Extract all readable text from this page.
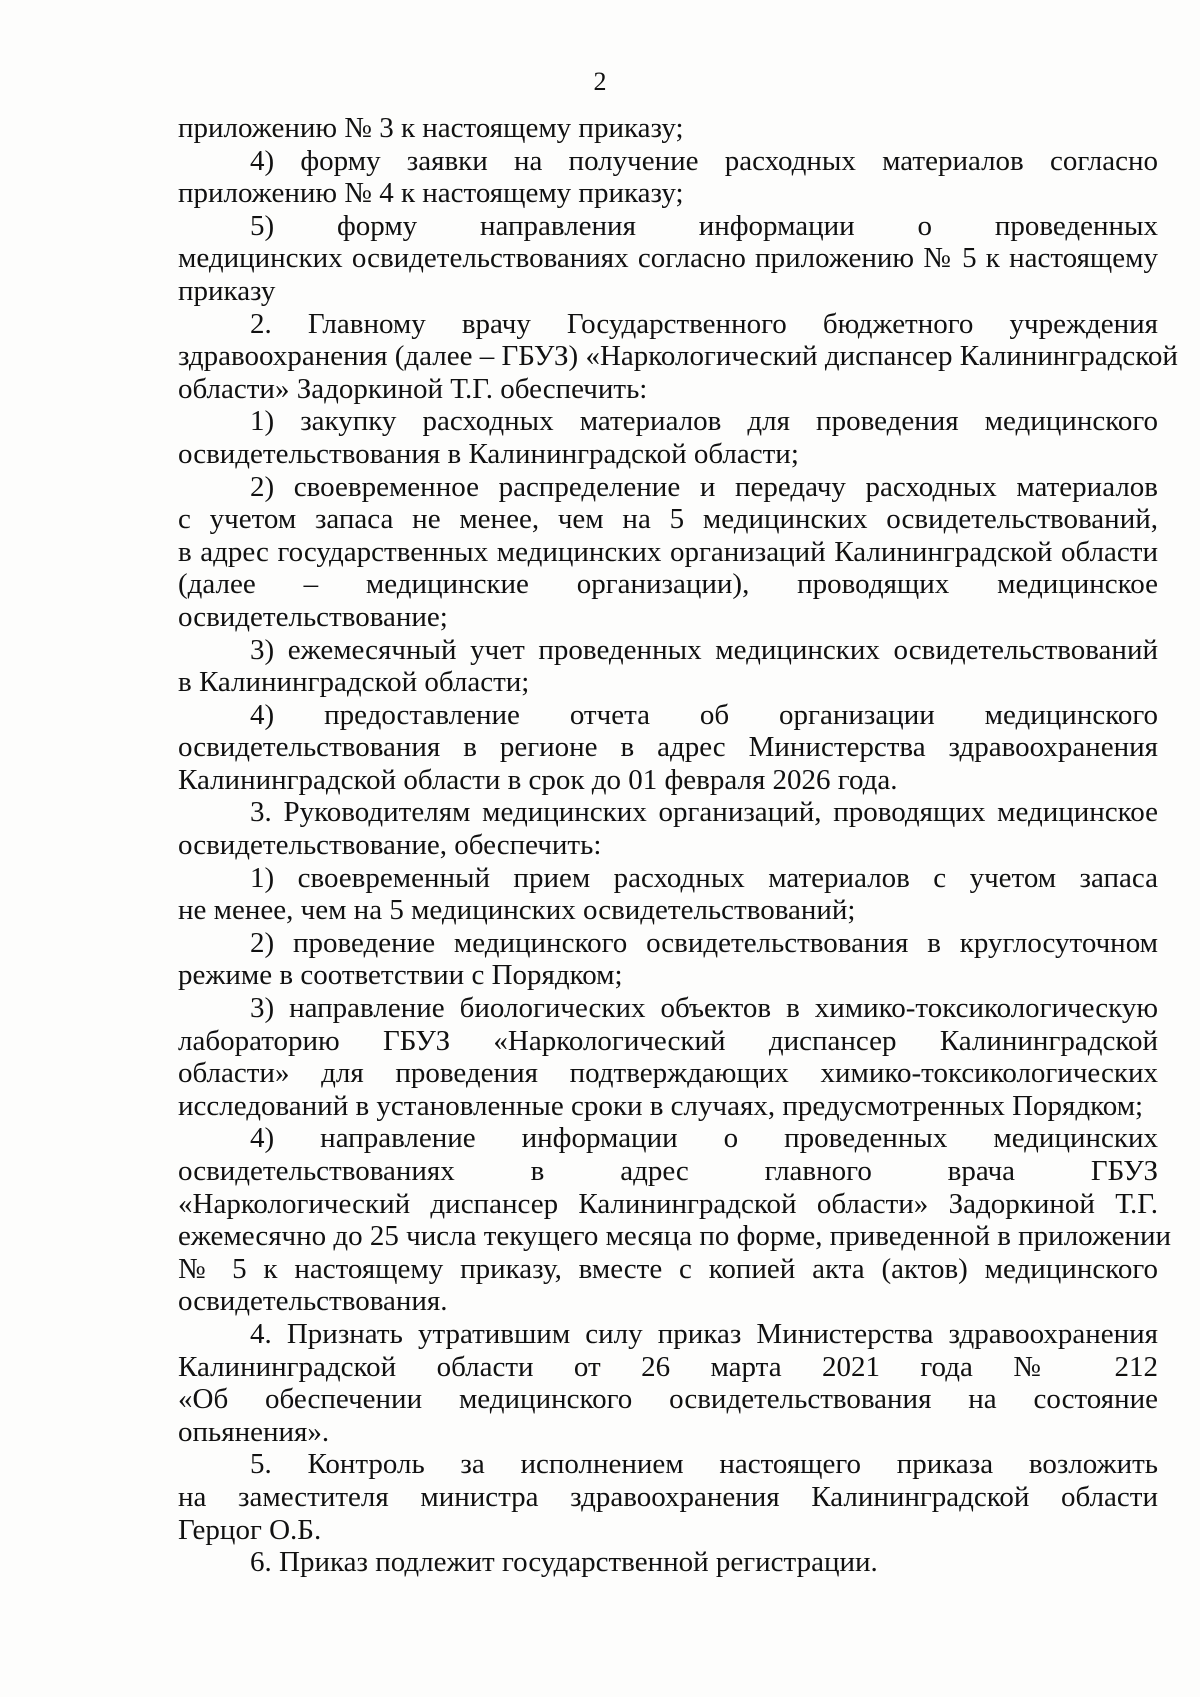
2
приложению № 3 к настоящему приказу;
4) форму заявки на получение расходных материалов согласно
приложению № 4 к настоящему приказу;
5) форму направления информации о проведенных
медицинских освидетельствованиях согласно приложению № 5 к настоящему
приказу
2. Главному врачу Государственного бюджетного учреждения
здравоохранения (далее – ГБУЗ) «Наркологический диспансер Калининградской
области» Задоркиной Т.Г. обеспечить:
1) закупку расходных материалов для проведения медицинского
освидетельствования в Калининградской области;
2) своевременное распределение и передачу расходных материалов
с учетом запаса не менее, чем на 5 медицинских освидетельствований,
в адрес государственных медицинских организаций Калининградской области
(далее – медицинские организации), проводящих медицинское
освидетельствование;
3) ежемесячный учет проведенных медицинских освидетельствований
в Калининградской области;
4) предоставление отчета об организации медицинского
освидетельствования в регионе в адрес Министерства здравоохранения
Калининградской области в срок до 01 февраля 2026 года.
3. Руководителям медицинских организаций, проводящих медицинское
освидетельствование, обеспечить:
1) своевременный прием расходных материалов с учетом запаса
не менее, чем на 5 медицинских освидетельствований;
2) проведение медицинского освидетельствования в круглосуточном
режиме в соответствии с Порядком;
3) направление биологических объектов в химико-токсикологическую
лабораторию ГБУЗ «Наркологический диспансер Калининградской
области» для проведения подтверждающих химико-токсикологических
исследований в установленные сроки в случаях, предусмотренных Порядком;
4) направление информации о проведенных медицинских
освидетельствованиях в адрес главного врача ГБУЗ
«Наркологический диспансер Калининградской области» Задоркиной Т.Г.
ежемесячно до 25 числа текущего месяца по форме, приведенной в приложении
№ 5 к настоящему приказу, вместе с копией акта (актов) медицинского
освидетельствования.
4. Признать утратившим силу приказ Министерства здравоохранения
Калининградской области от 26 марта 2021 года № 212
«Об обеспечении медицинского освидетельствования на состояние
опьянения».
5. Контроль за исполнением настоящего приказа возложить
на заместителя министра здравоохранения Калининградской области
Герцог О.Б.
6. Приказ подлежит государственной регистрации.
